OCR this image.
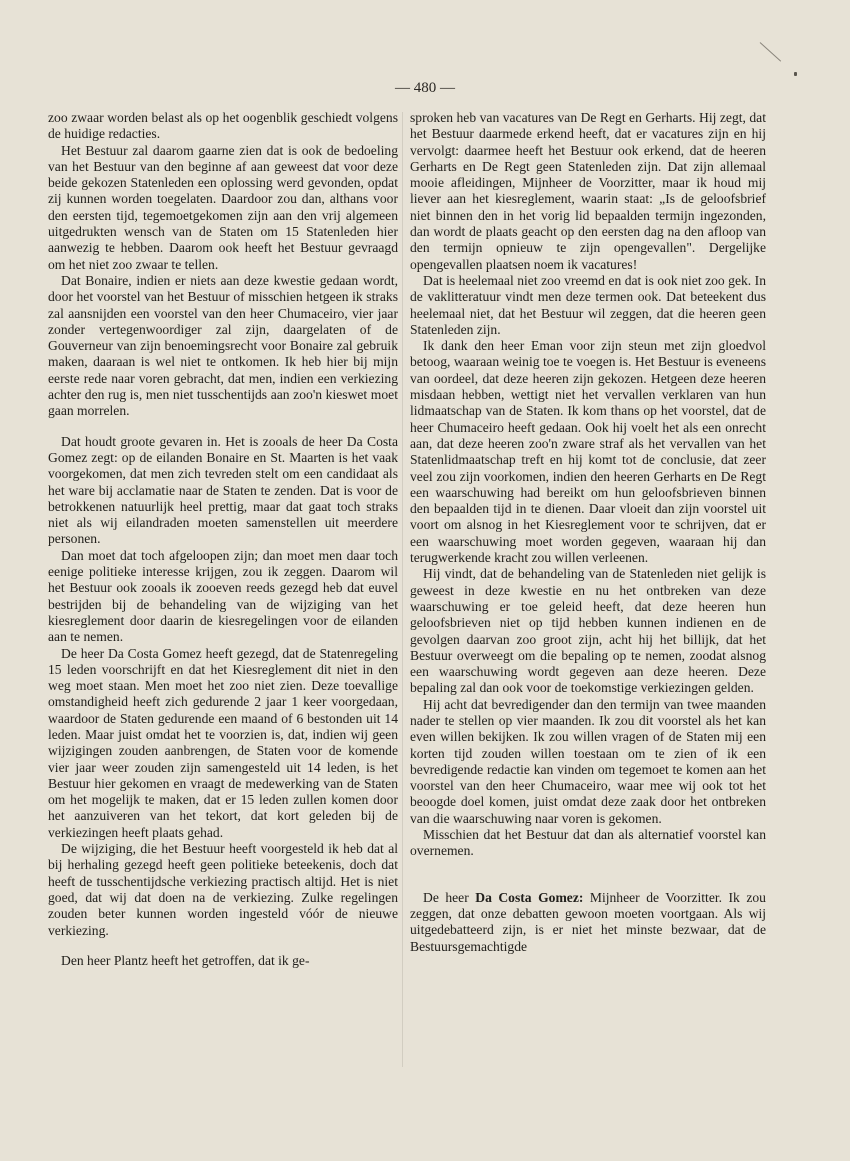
— 480 —

zoo zwaar worden belast als op het oogenblik geschiedt volgens de huidige redacties.

Het Bestuur zal daarom gaarne zien dat is ook de bedoeling van het Bestuur van den beginne af aan geweest dat voor deze beide gekozen Statenleden een oplossing werd gevonden, opdat zij kunnen worden toegelaten. Daardoor zou dan, althans voor den eersten tijd, tegemoetgekomen zijn aan den vrij algemeen uitgedrukten wensch van de Staten om 15 Statenleden hier aanwezig te hebben. Daarom ook heeft het Bestuur gevraagd om het niet zoo zwaar te tellen.

Dat Bonaire, indien er niets aan deze kwestie gedaan wordt, door het voorstel van het Bestuur of misschien hetgeen ik straks zal aansnijden een voorstel van den heer Chumaceiro, vier jaar zonder vertegenwoordiger zal zijn, daargelaten of de Gouverneur van zijn benoemingsrecht voor Bonaire zal gebruik maken, daaraan is wel niet te ontkomen. Ik heb hier bij mijn eerste rede naar voren gebracht, dat men, indien een verkiezing achter den rug is, men niet tusschentijds aan zoo'n kieswet moet gaan morrelen.

Dat houdt groote gevaren in. Het is zooals de heer Da Costa Gomez zegt: op de eilanden Bonaire en St. Maarten is het vaak voorgekomen, dat men zich tevreden stelt om een candidaat als het ware bij acclamatie naar de Staten te zenden. Dat is voor de betrokkenen natuurlijk heel prettig, maar dat gaat toch straks niet als wij eilandraden moeten samenstellen uit meerdere personen.

Dan moet dat toch afgeloopen zijn; dan moet men daar toch eenige politieke interesse krijgen, zou ik zeggen. Daarom wil het Bestuur ook zooals ik zooeven reeds gezegd heb dat euvel bestrijden bij de behandeling van de wijziging van het kiesreglement door daarin de kiesregelingen voor de eilanden aan te nemen.

De heer Da Costa Gomez heeft gezegd, dat de Statenregeling 15 leden voorschrijft en dat het Kiesreglement dit niet in den weg moet staan. Men moet het zoo niet zien. Deze toevallige omstandigheid heeft zich gedurende 2 jaar 1 keer voorgedaan, waardoor de Staten gedurende een maand of 6 bestonden uit 14 leden. Maar juist omdat het te voorzien is, dat, indien wij geen wijzigingen zouden aanbrengen, de Staten voor de komende vier jaar weer zouden zijn samengesteld uit 14 leden, is het Bestuur hier gekomen en vraagt de medewerking van de Staten om het mogelijk te maken, dat er 15 leden zullen komen door het aanzuiveren van het tekort, dat kort geleden bij de verkiezingen heeft plaats gehad.

De wijziging, die het Bestuur heeft voorgesteld ik heb dat al bij herhaling gezegd heeft geen politieke beteekenis, doch dat heeft de tusschentijdsche verkiezing practisch altijd. Het is niet goed, dat wij dat doen na de verkiezing. Zulke regelingen zouden beter kunnen worden ingesteld vóór de nieuwe verkiezing.

Den heer Plantz heeft het getroffen, dat ik ge-

sproken heb van vacatures van De Regt en Gerharts. Hij zegt, dat het Bestuur daarmede erkend heeft, dat er vacatures zijn en hij vervolgt: daarmee heeft het Bestuur ook erkend, dat de heeren Gerharts en De Regt geen Statenleden zijn. Dat zijn allemaal mooie afleidingen, Mijnheer de Voorzitter, maar ik houd mij liever aan het kiesreglement, waarin staat: „Is de geloofsbrief niet binnen den in het vorig lid bepaalden termijn ingezonden, dan wordt de plaats geacht op den eersten dag na den afloop van den termijn opnieuw te zijn opengevallen". Dergelijke opengevallen plaatsen noem ik vacatures!

Dat is heelemaal niet zoo vreemd en dat is ook niet zoo gek. In de vaklitteratuur vindt men deze termen ook. Dat beteekent dus heelemaal niet, dat het Bestuur wil zeggen, dat die heeren geen Statenleden zijn.

Ik dank den heer Eman voor zijn steun met zijn gloedvol betoog, waaraan weinig toe te voegen is. Het Bestuur is eveneens van oordeel, dat deze heeren zijn gekozen. Hetgeen deze heeren misdaan hebben, wettigt niet het vervallen verklaren van hun lidmaatschap van de Staten. Ik kom thans op het voorstel, dat de heer Chumaceiro heeft gedaan. Ook hij voelt het als een onrecht aan, dat deze heeren zoo'n zware straf als het vervallen van het Statenlidmaatschap treft en hij komt tot de conclusie, dat zeer veel zou zijn voorkomen, indien den heeren Gerharts en De Regt een waarschuwing had bereikt om hun geloofsbrieven binnen den bepaalden tijd in te dienen. Daar vloeit dan zijn voorstel uit voort om alsnog in het Kiesreglement voor te schrijven, dat er een waarschuwing moet worden gegeven, waaraan hij dan terugwerkende kracht zou willen verleenen.

Hij vindt, dat de behandeling van de Statenleden niet gelijk is geweest in deze kwestie en nu het ontbreken van deze waarschuwing er toe geleid heeft, dat deze heeren hun geloofsbrieven niet op tijd hebben kunnen indienen en de gevolgen daarvan zoo groot zijn, acht hij het billijk, dat het Bestuur overweegt om die bepaling op te nemen, zoodat alsnog een waarschuwing wordt gegeven aan deze heeren. Deze bepaling zal dan ook voor de toekomstige verkiezingen gelden.

Hij acht dat bevredigender dan den termijn van twee maanden nader te stellen op vier maanden. Ik zou dit voorstel als het kan even willen bekijken. Ik zou willen vragen of de Staten mij een korten tijd zouden willen toestaan om te zien of ik een bevredigende redactie kan vinden om tegemoet te komen aan het voorstel van den heer Chumaceiro, waar mee wij ook tot het beoogde doel komen, juist omdat deze zaak door het ontbreken van die waarschuwing naar voren is gekomen.

Misschien dat het Bestuur dat dan als alternatief voorstel kan overnemen.

De heer Da Costa Gomez: Mijnheer de Voorzitter. Ik zou zeggen, dat onze debatten gewoon moeten voortgaan. Als wij uitgedebatteerd zijn, is er niet het minste bezwaar, dat de Bestuursgemachtigde
